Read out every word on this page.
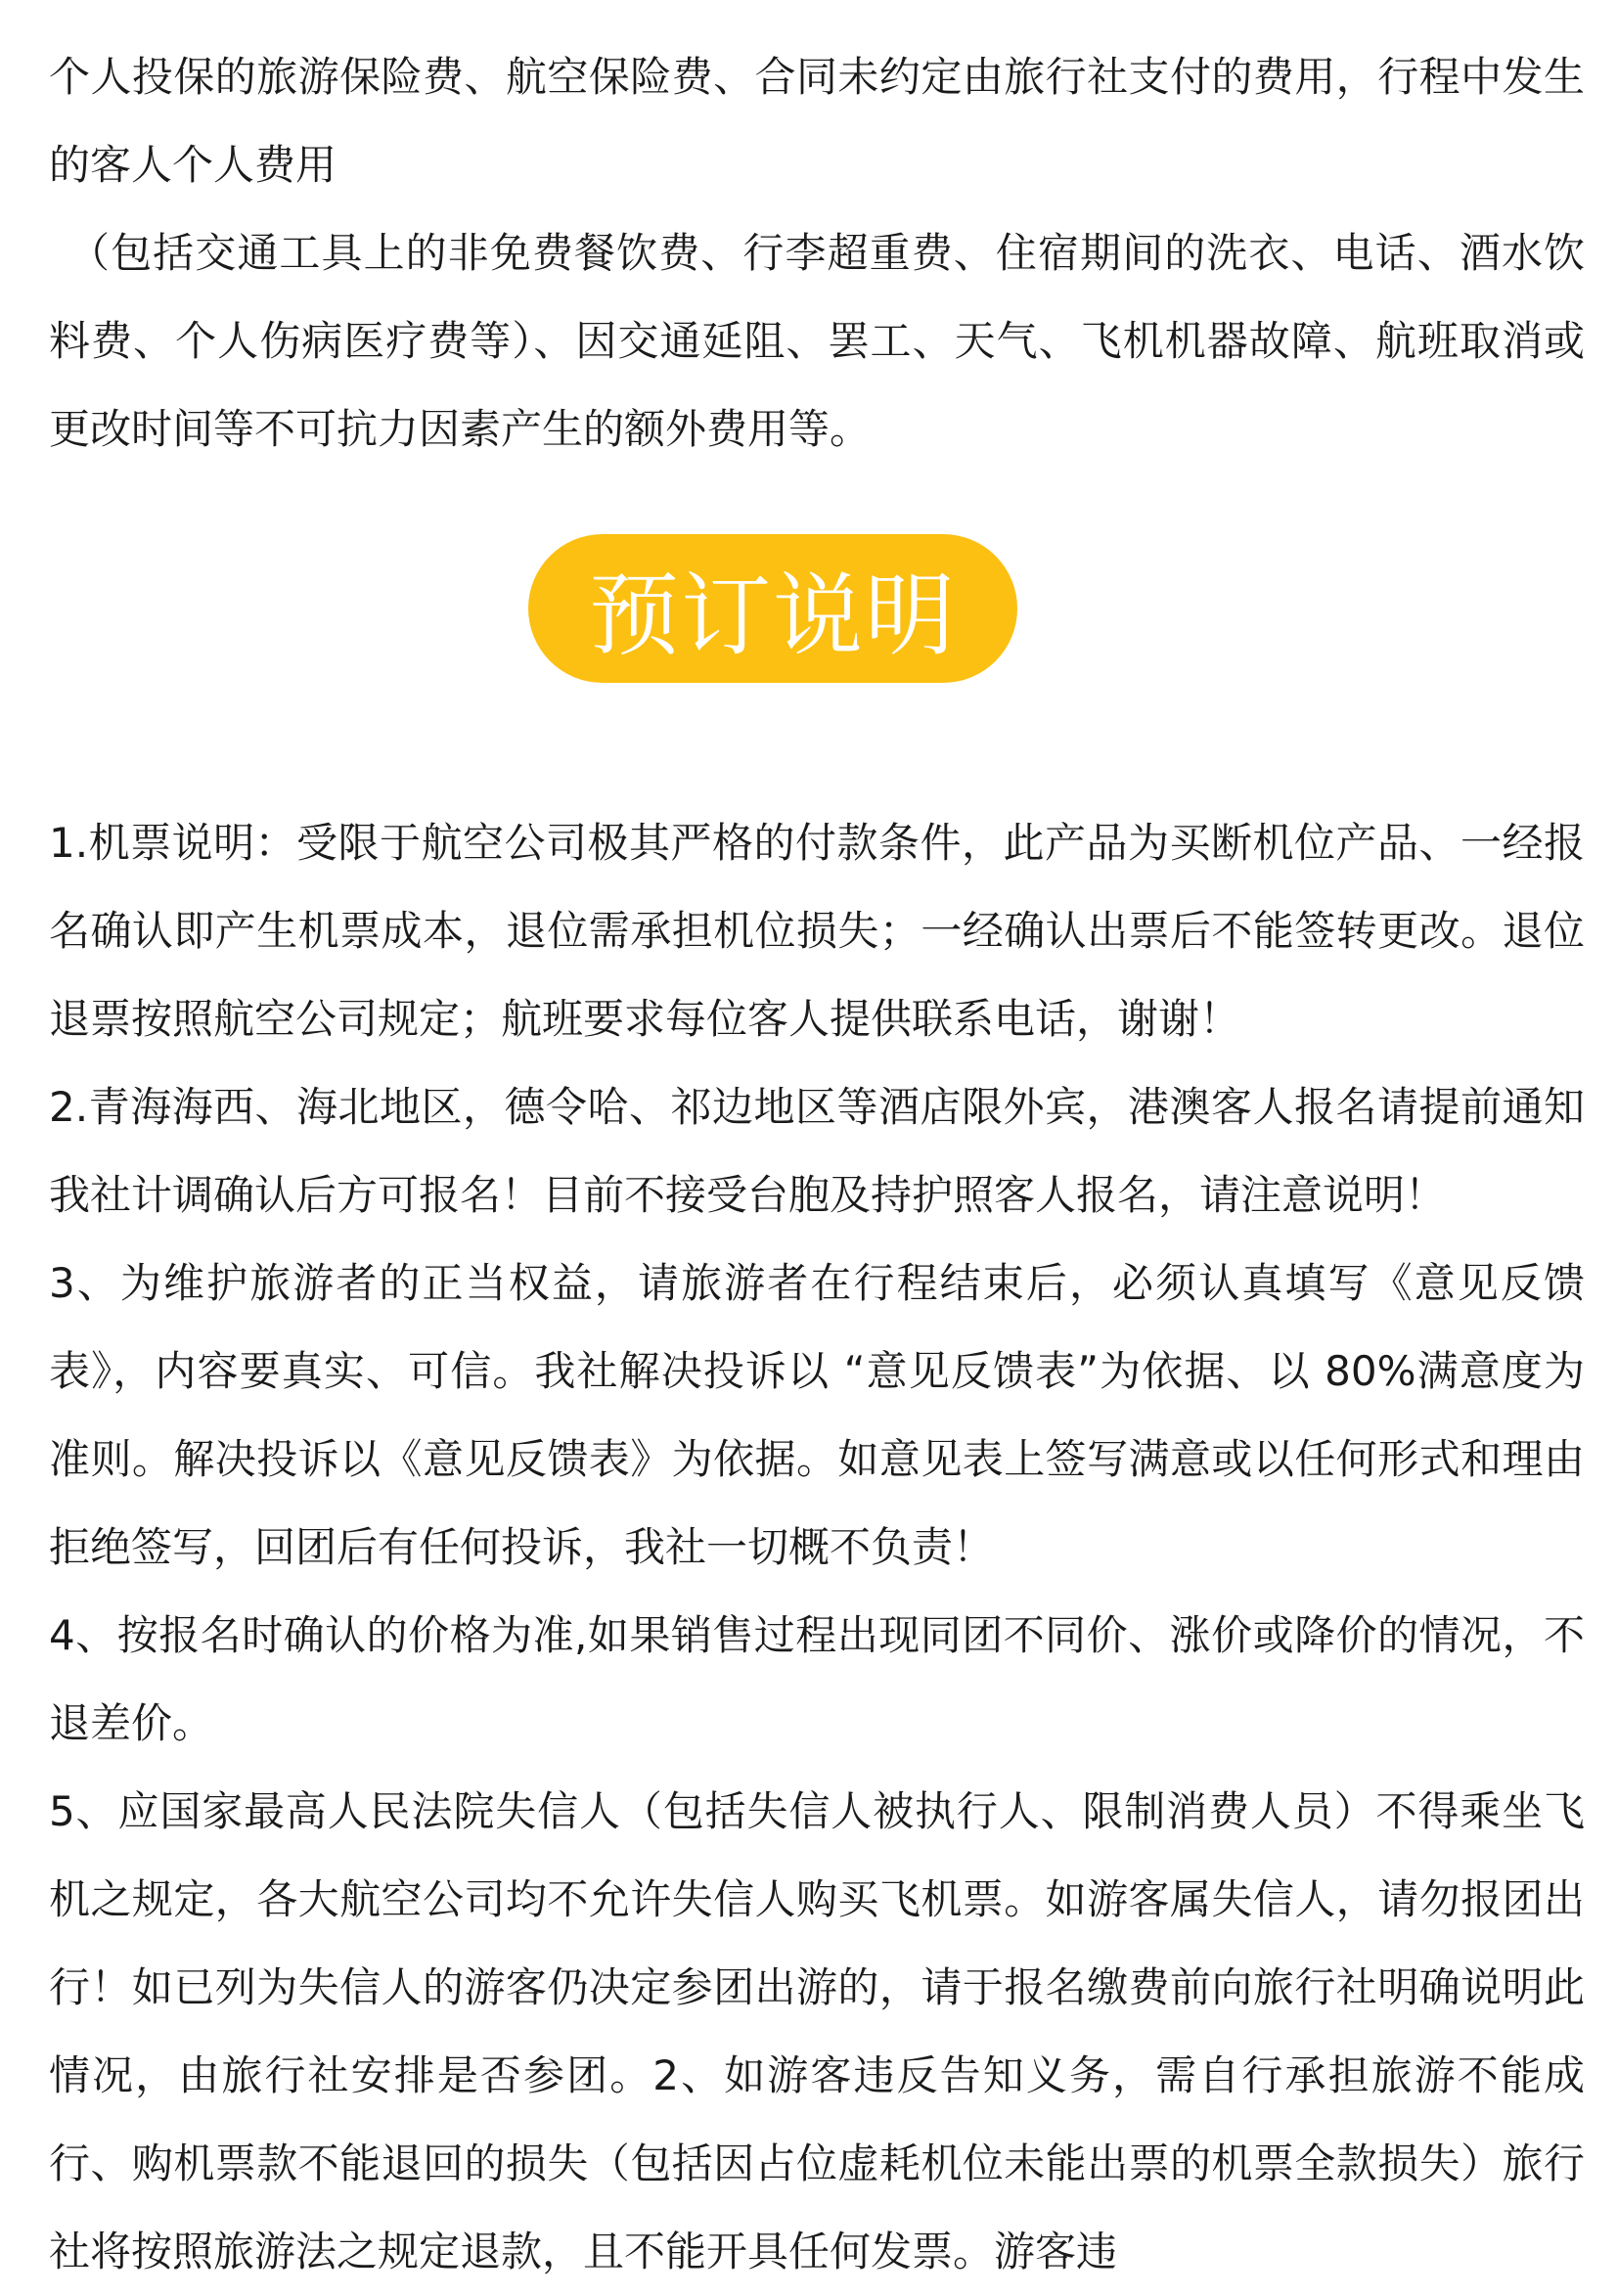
个人投保的旅游保险费、航空保险费、合同未约定由旅行社支付的费用，行程中发生的客人个人费用

（包括交通工具上的非免费餐饮费、行李超重费、住宿期间的洗衣、电话、酒水饮料费、个人伤病医疗费等）、因交通延阻、罢工、天气、飞机机器故障、航班取消或更改时间等不可抗力因素产生的额外费用等。

预订说明

1.机票说明：受限于航空公司极其严格的付款条件，此产品为买断机位产品、一经报名确认即产生机票成本，退位需承担机位损失；一经确认出票后不能签转更改。退位退票按照航空公司规定；航班要求每位客人提供联系电话，谢谢！

2.青海海西、海北地区，德令哈、祁边地区等酒店限外宾，港澳客人报名请提前通知我社计调确认后方可报名！目前不接受台胞及持护照客人报名，请注意说明！

3、为维护旅游者的正当权益，请旅游者在行程结束后，必须认真填写《意见反馈表》，内容要真实、可信。我社解决投诉以 “意见反馈表”为依据、以 80%满意度为准则。解决投诉以《意见反馈表》为依据。如意见表上签写满意或以任何形式和理由拒绝签写，回团后有任何投诉，我社一切概不负责！

4、按报名时确认的价格为准,如果销售过程出现同团不同价、涨价或降价的情况，不退差价。

5、应国家最高人民法院失信人（包括失信人被执行人、限制消费人员）不得乘坐飞机之规定，各大航空公司均不允许失信人购买飞机票。如游客属失信人，请勿报团出行！如已列为失信人的游客仍决定参团出游的，请于报名缴费前向旅行社明确说明此情况，由旅行社安排是否参团。2、如游客违反告知义务，需自行承担旅游不能成行、购机票款不能退回的损失（包括因占位虚耗机位未能出票的机票全款损失）旅行社将按照旅游法之规定退款，且不能开具任何发票。游客违
